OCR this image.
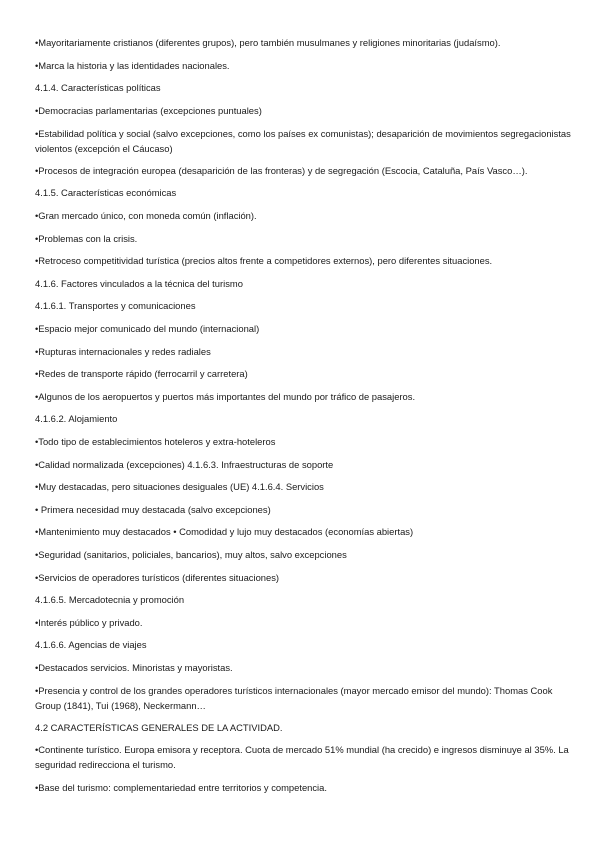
•Mayoritariamente cristianos (diferentes grupos), pero también musulmanes y religiones minoritarias (judaísmo).
•Marca la historia y las identidades nacionales.
4.1.4. Características políticas
•Democracias parlamentarias (excepciones puntuales)
•Estabilidad política y social (salvo excepciones, como los países ex comunistas); desaparición de movimientos segregacionistas violentos (excepción el Cáucaso)
•Procesos de integración europea (desaparición de las fronteras) y de segregación (Escocia, Cataluña, País Vasco…).
4.1.5. Características económicas
•Gran mercado único, con moneda común (inflación).
•Problemas con la crisis.
•Retroceso competitividad turística (precios altos frente a competidores externos), pero diferentes situaciones.
4.1.6. Factores vinculados a la técnica del turismo
4.1.6.1. Transportes y comunicaciones
•Espacio mejor comunicado del mundo (internacional)
•Rupturas internacionales y redes radiales
•Redes de transporte rápido (ferrocarril y carretera)
•Algunos de los aeropuertos y puertos más importantes del mundo por tráfico de pasajeros.
4.1.6.2. Alojamiento
•Todo tipo de establecimientos hoteleros y extra-hoteleros
•Calidad normalizada (excepciones) 4.1.6.3. Infraestructuras de soporte
•Muy destacadas, pero situaciones desiguales (UE) 4.1.6.4. Servicios
• Primera necesidad muy destacada (salvo excepciones)
•Mantenimiento muy destacados • Comodidad y lujo muy destacados (economías abiertas)
•Seguridad (sanitarios, policiales, bancarios), muy altos, salvo excepciones
•Servicios de operadores turísticos (diferentes situaciones)
4.1.6.5. Mercadotecnia y promoción
•Interés público y privado.
4.1.6.6. Agencias de viajes
•Destacados servicios. Minoristas y mayoristas.
•Presencia y control de los grandes operadores turísticos internacionales (mayor mercado emisor del mundo): Thomas Cook Group (1841), Tui (1968), Neckermann…
4.2 CARACTERÍSTICAS GENERALES DE LA ACTIVIDAD.
•Continente turístico. Europa emisora y receptora. Cuota de mercado 51% mundial (ha crecido) e ingresos disminuye al 35%. La seguridad redirecciona el turismo.
•Base del turismo: complementariedad entre territorios y competencia.
